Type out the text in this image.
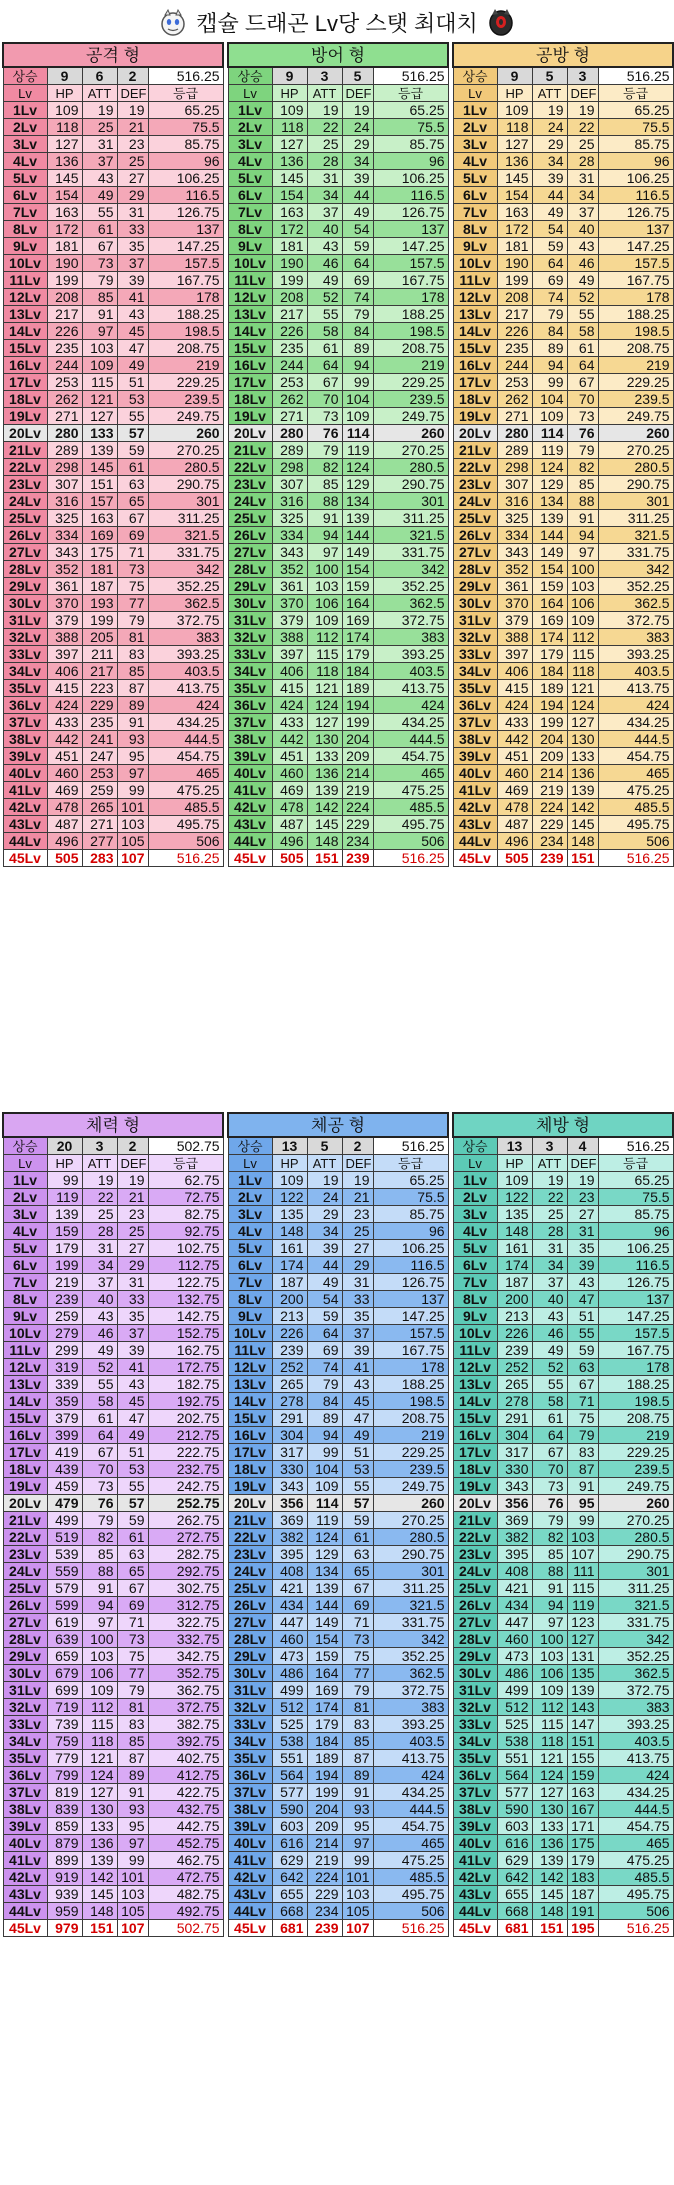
캡슐 드래곤 Lv당 스탯 최대치
공격 형				
상승	9	6	2	516.25
Lv	HP	ATT	DEF	등급
1Lv	109	19	19	65.25
2Lv	118	25	21	75.5
3Lv	127	31	23	85.75
4Lv	136	37	25	96
5Lv	145	43	27	106.25
6Lv	154	49	29	116.5
7Lv	163	55	31	126.75
8Lv	172	61	33	137
9Lv	181	67	35	147.25
10Lv	190	73	37	157.5
11Lv	199	79	39	167.75
12Lv	208	85	41	178
13Lv	217	91	43	188.25
14Lv	226	97	45	198.5
15Lv	235	103	47	208.75
16Lv	244	109	49	219
17Lv	253	115	51	229.25
18Lv	262	121	53	239.5
19Lv	271	127	55	249.75
20Lv	280	133	57	260
21Lv	289	139	59	270.25
22Lv	298	145	61	280.5
23Lv	307	151	63	290.75
24Lv	316	157	65	301
25Lv	325	163	67	311.25
26Lv	334	169	69	321.5
27Lv	343	175	71	331.75
28Lv	352	181	73	342
29Lv	361	187	75	352.25
30Lv	370	193	77	362.5
31Lv	379	199	79	372.75
32Lv	388	205	81	383
33Lv	397	211	83	393.25
34Lv	406	217	85	403.5
35Lv	415	223	87	413.75
36Lv	424	229	89	424
37Lv	433	235	91	434.25
38Lv	442	241	93	444.5
39Lv	451	247	95	454.75
40Lv	460	253	97	465
41Lv	469	259	99	475.25
42Lv	478	265	101	485.5
43Lv	487	271	103	495.75
44Lv	496	277	105	506
45Lv	505	283	107	516.25
방어 형				
상승	9	3	5	516.25
Lv	HP	ATT	DEF	등급
1Lv	109	19	19	65.25
2Lv	118	22	24	75.5
3Lv	127	25	29	85.75
4Lv	136	28	34	96
5Lv	145	31	39	106.25
6Lv	154	34	44	116.5
7Lv	163	37	49	126.75
8Lv	172	40	54	137
9Lv	181	43	59	147.25
10Lv	190	46	64	157.5
11Lv	199	49	69	167.75
12Lv	208	52	74	178
13Lv	217	55	79	188.25
14Lv	226	58	84	198.5
15Lv	235	61	89	208.75
16Lv	244	64	94	219
17Lv	253	67	99	229.25
18Lv	262	70	104	239.5
19Lv	271	73	109	249.75
20Lv	280	76	114	260
21Lv	289	79	119	270.25
22Lv	298	82	124	280.5
23Lv	307	85	129	290.75
24Lv	316	88	134	301
25Lv	325	91	139	311.25
26Lv	334	94	144	321.5
27Lv	343	97	149	331.75
28Lv	352	100	154	342
29Lv	361	103	159	352.25
30Lv	370	106	164	362.5
31Lv	379	109	169	372.75
32Lv	388	112	174	383
33Lv	397	115	179	393.25
34Lv	406	118	184	403.5
35Lv	415	121	189	413.75
36Lv	424	124	194	424
37Lv	433	127	199	434.25
38Lv	442	130	204	444.5
39Lv	451	133	209	454.75
40Lv	460	136	214	465
41Lv	469	139	219	475.25
42Lv	478	142	224	485.5
43Lv	487	145	229	495.75
44Lv	496	148	234	506
45Lv	505	151	239	516.25
공방 형				
상승	9	5	3	516.25
Lv	HP	ATT	DEF	등급
1Lv	109	19	19	65.25
2Lv	118	24	22	75.5
3Lv	127	29	25	85.75
4Lv	136	34	28	96
5Lv	145	39	31	106.25
6Lv	154	44	34	116.5
7Lv	163	49	37	126.75
8Lv	172	54	40	137
9Lv	181	59	43	147.25
10Lv	190	64	46	157.5
11Lv	199	69	49	167.75
12Lv	208	74	52	178
13Lv	217	79	55	188.25
14Lv	226	84	58	198.5
15Lv	235	89	61	208.75
16Lv	244	94	64	219
17Lv	253	99	67	229.25
18Lv	262	104	70	239.5
19Lv	271	109	73	249.75
20Lv	280	114	76	260
21Lv	289	119	79	270.25
22Lv	298	124	82	280.5
23Lv	307	129	85	290.75
24Lv	316	134	88	301
25Lv	325	139	91	311.25
26Lv	334	144	94	321.5
27Lv	343	149	97	331.75
28Lv	352	154	100	342
29Lv	361	159	103	352.25
30Lv	370	164	106	362.5
31Lv	379	169	109	372.75
32Lv	388	174	112	383
33Lv	397	179	115	393.25
34Lv	406	184	118	403.5
35Lv	415	189	121	413.75
36Lv	424	194	124	424
37Lv	433	199	127	434.25
38Lv	442	204	130	444.5
39Lv	451	209	133	454.75
40Lv	460	214	136	465
41Lv	469	219	139	475.25
42Lv	478	224	142	485.5
43Lv	487	229	145	495.75
44Lv	496	234	148	506
45Lv	505	239	151	516.25
체력 형				
상승	20	3	2	502.75
Lv	HP	ATT	DEF	등급
1Lv	99	19	19	62.75
2Lv	119	22	21	72.75
3Lv	139	25	23	82.75
4Lv	159	28	25	92.75
5Lv	179	31	27	102.75
6Lv	199	34	29	112.75
7Lv	219	37	31	122.75
8Lv	239	40	33	132.75
9Lv	259	43	35	142.75
10Lv	279	46	37	152.75
11Lv	299	49	39	162.75
12Lv	319	52	41	172.75
13Lv	339	55	43	182.75
14Lv	359	58	45	192.75
15Lv	379	61	47	202.75
16Lv	399	64	49	212.75
17Lv	419	67	51	222.75
18Lv	439	70	53	232.75
19Lv	459	73	55	242.75
20Lv	479	76	57	252.75
21Lv	499	79	59	262.75
22Lv	519	82	61	272.75
23Lv	539	85	63	282.75
24Lv	559	88	65	292.75
25Lv	579	91	67	302.75
26Lv	599	94	69	312.75
27Lv	619	97	71	322.75
28Lv	639	100	73	332.75
29Lv	659	103	75	342.75
30Lv	679	106	77	352.75
31Lv	699	109	79	362.75
32Lv	719	112	81	372.75
33Lv	739	115	83	382.75
34Lv	759	118	85	392.75
35Lv	779	121	87	402.75
36Lv	799	124	89	412.75
37Lv	819	127	91	422.75
38Lv	839	130	93	432.75
39Lv	859	133	95	442.75
40Lv	879	136	97	452.75
41Lv	899	139	99	462.75
42Lv	919	142	101	472.75
43Lv	939	145	103	482.75
44Lv	959	148	105	492.75
45Lv	979	151	107	502.75
체공 형				
상승	13	5	2	516.25
Lv	HP	ATT	DEF	등급
1Lv	109	19	19	65.25
2Lv	122	24	21	75.5
3Lv	135	29	23	85.75
4Lv	148	34	25	96
5Lv	161	39	27	106.25
6Lv	174	44	29	116.5
7Lv	187	49	31	126.75
8Lv	200	54	33	137
9Lv	213	59	35	147.25
10Lv	226	64	37	157.5
11Lv	239	69	39	167.75
12Lv	252	74	41	178
13Lv	265	79	43	188.25
14Lv	278	84	45	198.5
15Lv	291	89	47	208.75
16Lv	304	94	49	219
17Lv	317	99	51	229.25
18Lv	330	104	53	239.5
19Lv	343	109	55	249.75
20Lv	356	114	57	260
21Lv	369	119	59	270.25
22Lv	382	124	61	280.5
23Lv	395	129	63	290.75
24Lv	408	134	65	301
25Lv	421	139	67	311.25
26Lv	434	144	69	321.5
27Lv	447	149	71	331.75
28Lv	460	154	73	342
29Lv	473	159	75	352.25
30Lv	486	164	77	362.5
31Lv	499	169	79	372.75
32Lv	512	174	81	383
33Lv	525	179	83	393.25
34Lv	538	184	85	403.5
35Lv	551	189	87	413.75
36Lv	564	194	89	424
37Lv	577	199	91	434.25
38Lv	590	204	93	444.5
39Lv	603	209	95	454.75
40Lv	616	214	97	465
41Lv	629	219	99	475.25
42Lv	642	224	101	485.5
43Lv	655	229	103	495.75
44Lv	668	234	105	506
45Lv	681	239	107	516.25
체방 형				
상승	13	3	4	516.25
Lv	HP	ATT	DEF	등급
1Lv	109	19	19	65.25
2Lv	122	22	23	75.5
3Lv	135	25	27	85.75
4Lv	148	28	31	96
5Lv	161	31	35	106.25
6Lv	174	34	39	116.5
7Lv	187	37	43	126.75
8Lv	200	40	47	137
9Lv	213	43	51	147.25
10Lv	226	46	55	157.5
11Lv	239	49	59	167.75
12Lv	252	52	63	178
13Lv	265	55	67	188.25
14Lv	278	58	71	198.5
15Lv	291	61	75	208.75
16Lv	304	64	79	219
17Lv	317	67	83	229.25
18Lv	330	70	87	239.5
19Lv	343	73	91	249.75
20Lv	356	76	95	260
21Lv	369	79	99	270.25
22Lv	382	82	103	280.5
23Lv	395	85	107	290.75
24Lv	408	88	111	301
25Lv	421	91	115	311.25
26Lv	434	94	119	321.5
27Lv	447	97	123	331.75
28Lv	460	100	127	342
29Lv	473	103	131	352.25
30Lv	486	106	135	362.5
31Lv	499	109	139	372.75
32Lv	512	112	143	383
33Lv	525	115	147	393.25
34Lv	538	118	151	403.5
35Lv	551	121	155	413.75
36Lv	564	124	159	424
37Lv	577	127	163	434.25
38Lv	590	130	167	444.5
39Lv	603	133	171	454.75
40Lv	616	136	175	465
41Lv	629	139	179	475.25
42Lv	642	142	183	485.5
43Lv	655	145	187	495.75
44Lv	668	148	191	506
45Lv	681	151	195	516.25
